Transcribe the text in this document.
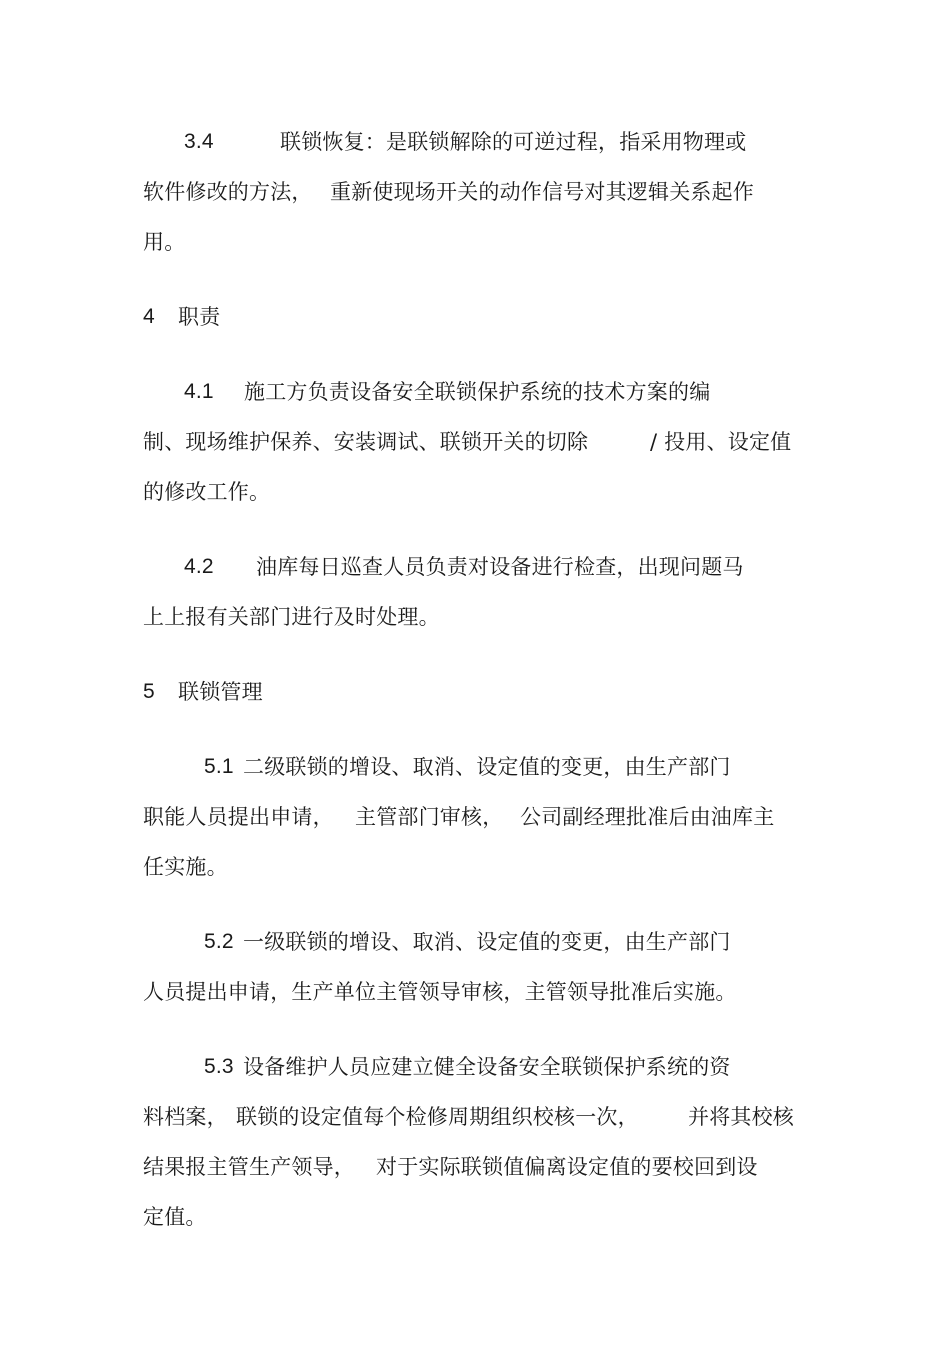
3.4	联锁恢复：是联锁解除的可逆过程，指采用物理或
软件修改的方法， 重新使现场开关的动作信号对其逻辑关系起作
用。
4 职责
4.1 施工方负责设备安全联锁保护系统的技术方案的编
制、现场维护保养、安装调试、联锁开关的切除	/ 投用、设定值
的修改工作。
4.2 油库每日巡查人员负责对设备进行检查，出现问题马
上上报有关部门进行及时处理。
5 联锁管理
5.1 二级联锁的增设、取消、设定值的变更，由生产部门
职能人员提出申请， 主管部门审核， 公司副经理批准后由油库主
任实施。
5.2 一级联锁的增设、取消、设定值的变更，由生产部门
人员提出申请，生产单位主管领导审核，主管领导批准后实施。
5.3 设备维护人员应建立健全设备安全联锁保护系统的资
料档案， 联锁的设定值每个检修周期组织校核一次， 并将其校核
结果报主管生产领导， 对于实际联锁值偏离设定值的要校回到设
定值。
